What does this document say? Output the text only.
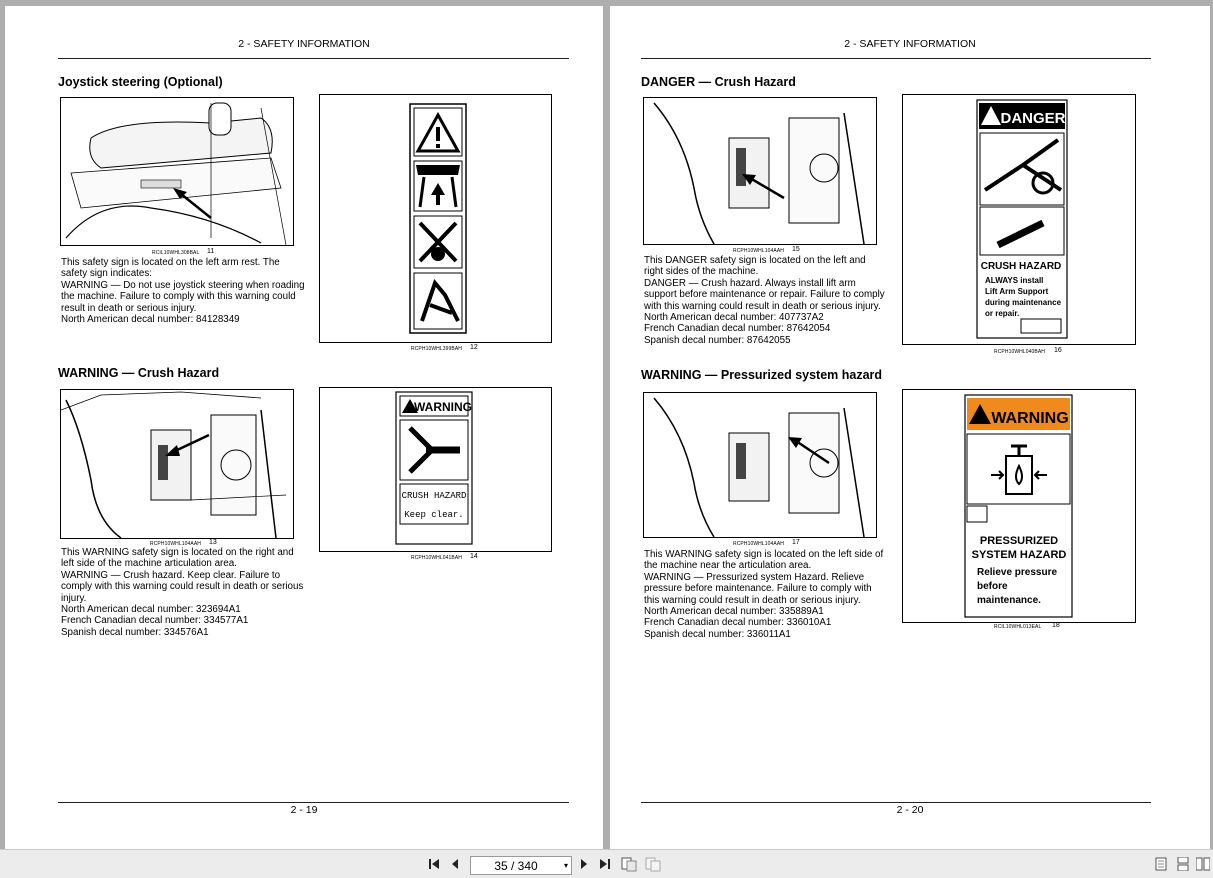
2 - SAFETY INFORMATION
Joystick steering (Optional)
RCIL10WHL308BAL 11
RCPH10WHL399BAH 12
This safety sign is located on the left arm rest. The
safety sign indicates:
WARNING — Do not use joystick steering when roading
the machine. Failure to comply with this warning could
result in death or serious injury.
North American decal number: 84128349
WARNING — Crush Hazard
RCPH10WHL104AAH 13
WARNING
CRUSH HAZARD
Keep clear.
RCPH10WHL041BAH 14
This WARNING safety sign is located on the right and
left side of the machine articulation area.
WARNING — Crush hazard. Keep clear. Failure to
comply with this warning could result in death or serious
injury.
North American decal number: 323694A1
French Canadian decal number: 334577A1
Spanish decal number: 334576A1
2 - 19
2 - SAFETY INFORMATION
DANGER — Crush Hazard
RCPH10WHL104AAH 15
DANGER
CRUSH HAZARD
ALWAYS install
Lift Arm Support
during maintenance
or repair.
RCPH10WHL040BAH 16
This DANGER safety sign is located on the left and
right sides of the machine.
DANGER — Crush hazard. Always install lift arm
support before maintenance or repair. Failure to comply
with this warning could result in death or serious injury.
North American decal number: 407737A2
French Canadian decal number: 87642054
Spanish decal number: 87642055
WARNING — Pressurized system hazard
RCPH10WHL104AAH 17
WARNING
PRESSURIZED
SYSTEM HAZARD
Relieve pressure
before
maintenance.
RCIL10WHL013EAL 18
This WARNING safety sign is located on the left side of
the machine near the articulation area.
WARNING — Pressurized system Hazard. Relieve
pressure before maintenance. Failure to comply with
this warning could result in death or serious injury.
North American decal number: 335889A1
French Canadian decal number: 336010A1
Spanish decal number: 336011A1
2 - 20
35 / 340	▾
